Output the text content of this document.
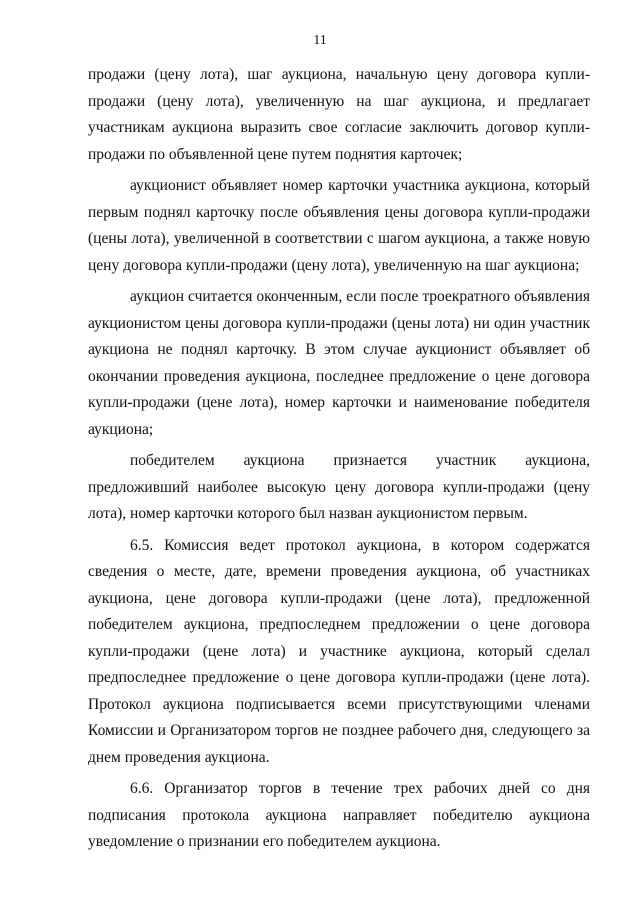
11

продажи (цену лота), шаг аукциона, начальную цену договора купли-продажи (цену лота), увеличенную на шаг аукциона, и предлагает участникам аукциона выразить свое согласие заключить договор купли-продажи по объявленной цене путем поднятия карточек;

аукционист объявляет номер карточки участника аукциона, который первым поднял карточку после объявления цены договора купли-продажи (цены лота), увеличенной в соответствии с шагом аукциона, а также новую цену договора купли-продажи (цену лота), увеличенную на шаг аукциона;

аукцион считается оконченным, если после троекратного объявления аукционистом цены договора купли-продажи (цены лота) ни один участник аукциона не поднял карточку. В этом случае аукционист объявляет об окончании проведения аукциона, последнее предложение о цене договора купли-продажи (цене лота), номер карточки и наименование победителя аукциона;

победителем аукциона признается участник аукциона, предложивший наиболее высокую цену договора купли-продажи (цену лота), номер карточки которого был назван аукционистом первым.

6.5. Комиссия ведет протокол аукциона, в котором содержатся сведения о месте, дате, времени проведения аукциона, об участниках аукциона, цене договора купли-продажи (цене лота), предложенной победителем аукциона, предпоследнем предложении о цене договора купли-продажи (цене лота) и участнике аукциона, который сделал предпоследнее предложение о цене договора купли-продажи (цене лота). Протокол аукциона подписывается всеми присутствующими членами Комиссии и Организатором торгов не позднее рабочего дня, следующего за днем проведения аукциона.

6.6. Организатор торгов в течение трех рабочих дней со дня подписания протокола аукциона направляет победителю аукциона уведомление о признании его победителем аукциона.
